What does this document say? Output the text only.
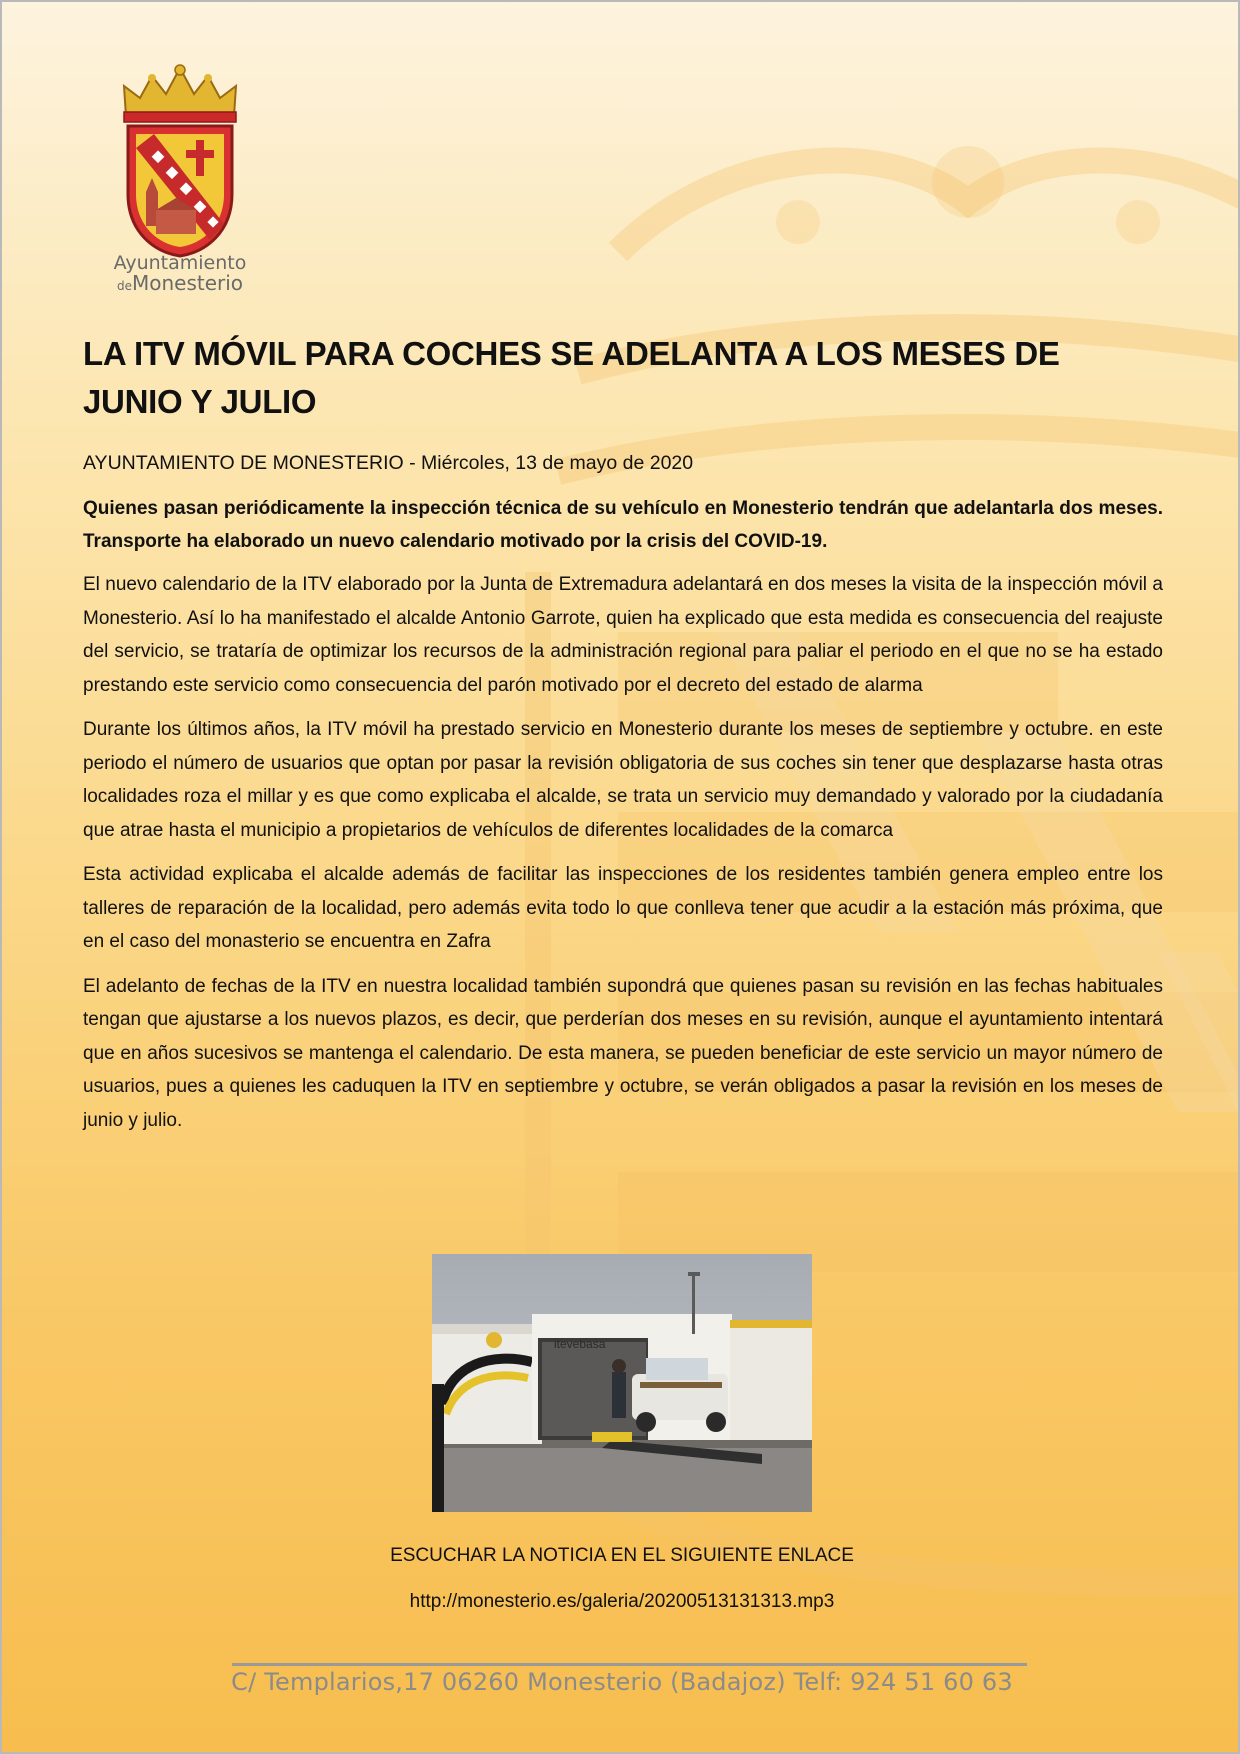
Ayuntamiento
deMonesterio
LA ITV MÓVIL PARA COCHES SE ADELANTA A LOS MESES DE JUNIO Y JULIO

AYUNTAMIENTO DE MONESTERIO - Miércoles, 13 de mayo de 2020

Quienes pasan periódicamente la inspección técnica de su vehículo en Monesterio tendrán que adelantarla dos meses. Transporte ha elaborado un nuevo calendario motivado por la crisis del COVID-19.

El nuevo calendario de la ITV elaborado por la Junta de Extremadura adelantará en dos meses la visita de la inspección móvil a Monesterio. Así lo ha manifestado el alcalde Antonio Garrote, quien ha explicado que esta medida es consecuencia del reajuste del servicio, se trataría de optimizar los recursos de la administración regional para paliar el periodo en el que no se ha estado prestando este servicio como consecuencia del parón motivado por el decreto del estado de alarma

Durante los últimos años, la ITV móvil ha prestado servicio en Monesterio durante los meses de septiembre y octubre. en este periodo el número de usuarios que optan por pasar la revisión obligatoria de sus coches sin tener que desplazarse hasta otras localidades roza el millar y es que como explicaba el alcalde, se trata un servicio muy demandado y valorado por la ciudadanía que atrae hasta el municipio a propietarios de vehículos de diferentes localidades de la comarca

Esta actividad explicaba el alcalde además de facilitar las inspecciones de los residentes también genera empleo entre los talleres de reparación de la localidad, pero además evita todo lo que conlleva tener que acudir a la estación más próxima, que en el caso del monasterio se encuentra en Zafra

El adelanto de fechas de la ITV en nuestra localidad también supondrá que quienes pasan su revisión en las fechas habituales tengan que ajustarse a los nuevos plazos, es decir, que perderían dos meses en su revisión, aunque el ayuntamiento intentará que en años sucesivos se mantenga el calendario. De esta manera, se pueden beneficiar de este servicio un mayor número de usuarios, pues a quienes les caduquen la ITV en septiembre y octubre, se verán obligados a pasar la revisión en los meses de junio y julio.

itevebasa
ESCUCHAR LA NOTICIA EN EL SIGUIENTE ENLACE
http://monesterio.es/galeria/20200513131313.mp3
C/ Templarios,17 06260 Monesterio (Badajoz) Telf: 924 51 60 63
